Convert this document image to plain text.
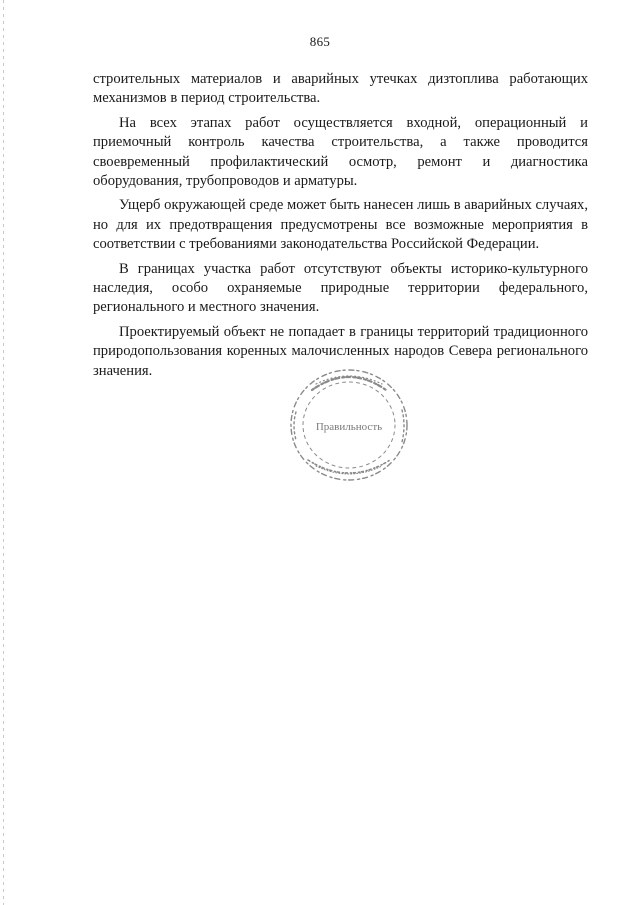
865

строительных материалов и аварийных утечках дизтоплива работающих механизмов в период строительства.

На всех этапах работ осуществляется входной, операционный и приемочный контроль качества строительства, а также проводится своевременный профилактический осмотр, ремонт и диагностика оборудования, трубопроводов и арматуры.

Ущерб окружающей среде может быть нанесен лишь в аварийных случаях, но для их предотвращения предусмотрены все возможные мероприятия в соответствии с требованиями законодательства Российской Федерации.

В границах участка работ отсутствуют объекты историко-культурного наследия, особо охраняемые природные территории федерального, регионального и местного значения.

Проектируемый объект не попадает в границы территорий традиционного природопользования коренных малочисленных народов Севера регионального значения.

Правильность
